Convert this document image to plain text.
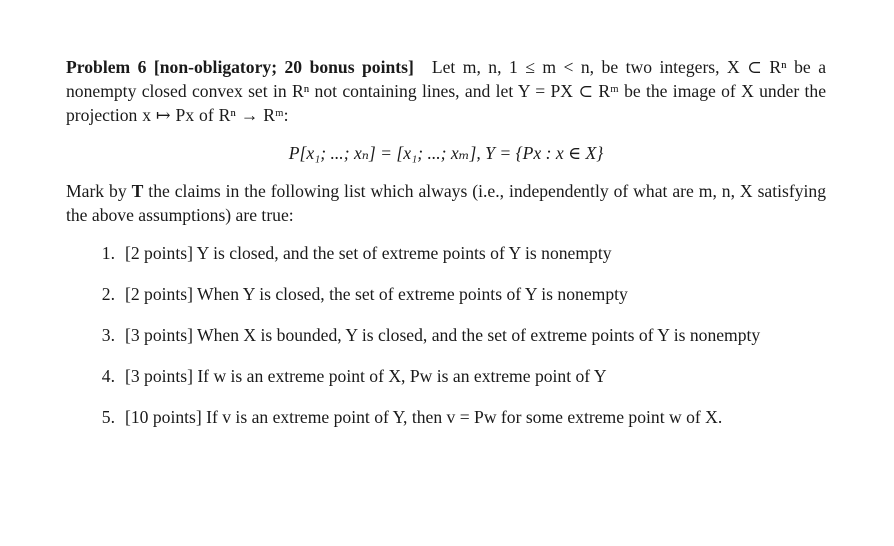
Problem 6 [non-obligatory; 20 bonus points] Let m, n, 1 ≤ m < n, be two integers, X ⊂ Rⁿ be a nonempty closed convex set in Rⁿ not containing lines, and let Y = PX ⊂ Rᵐ be the image of X under the projection x ↦ Px of Rⁿ → Rᵐ:

P[x₁; ...; xₙ] = [x₁; ...; xₘ], Y = {Px : x ∈ X}

Mark by T the claims in the following list which always (i.e., independently of what are m, n, X satisfying the above assumptions) are true:

1. [2 points] Y is closed, and the set of extreme points of Y is nonempty
2. [2 points] When Y is closed, the set of extreme points of Y is nonempty
3. [3 points] When X is bounded, Y is closed, and the set of extreme points of Y is nonempty
4. [3 points] If w is an extreme point of X, Pw is an extreme point of Y
5. [10 points] If v is an extreme point of Y, then v = Pw for some extreme point w of X.
